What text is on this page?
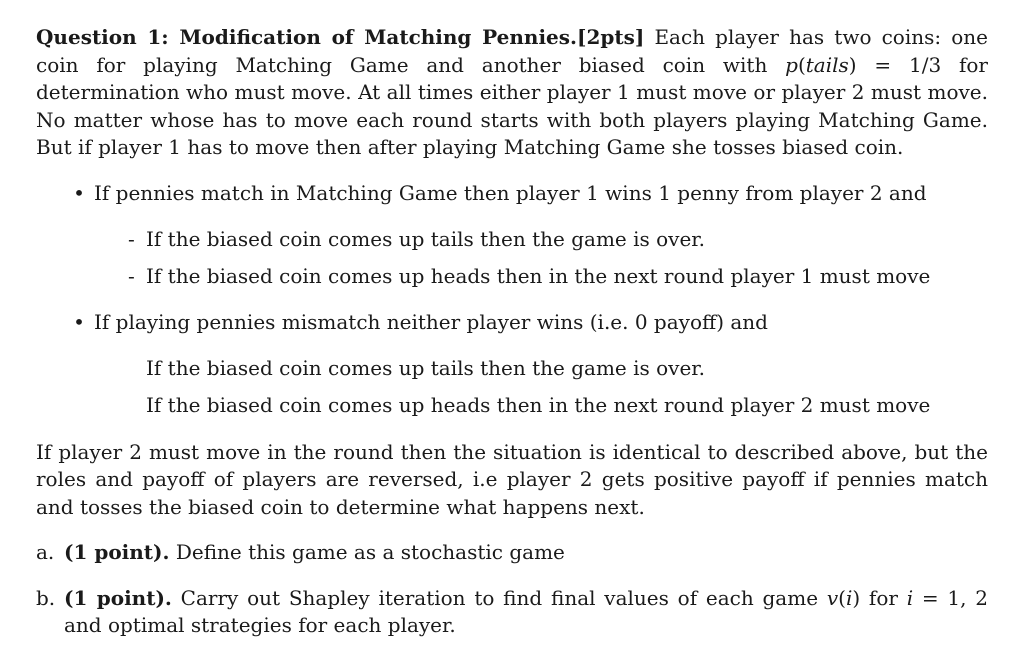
Question 1: Modification of Matching Pennies.[2pts] Each player has two coins: one coin for playing Matching Game and another biased coin with p(tails) = 1/3 for determination who must move. At all times either player 1 must move or player 2 must move. No matter whose has to move each round starts with both players playing Matching Game. But if player 1 has to move then after playing Matching Game she tosses biased coin.

• If pennies match in Matching Game then player 1 wins 1 penny from player 2 and
- If the biased coin comes up tails then the game is over.
- If the biased coin comes up heads then in the next round player 1 must move
• If playing pennies mismatch neither player wins (i.e. 0 payoff) and
If the biased coin comes up tails then the game is over.
If the biased coin comes up heads then in the next round player 2 must move

If player 2 must move in the round then the situation is identical to described above, but the roles and payoff of players are reversed, i.e player 2 gets positive payoff if pennies match and tosses the biased coin to determine what happens next.

a. (1 point). Define this game as a stochastic game
b. (1 point). Carry out Shapley iteration to find final values of each game v(i) for i = 1, 2 and optimal strategies for each player.
